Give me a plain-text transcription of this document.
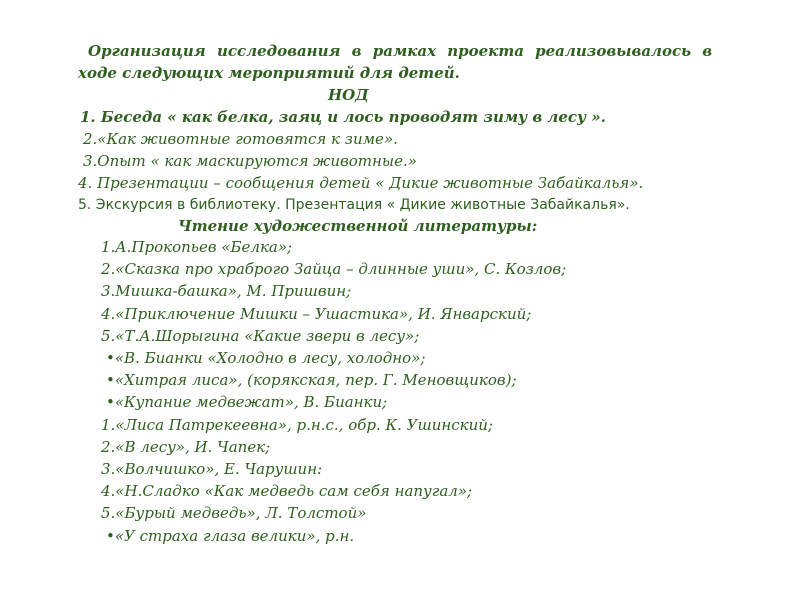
Организация исследования в рамках проекта реализовывалось в
ходе следующих мероприятий для детей.
НОД
1. Беседа « как белка, заяц и лось проводят зиму в лесу ».
2.«Как животные готовятся к зиме».
3.Опыт « как маскируются животные.»
4. Презентации – сообщения детей « Дикие животные Забайкалья».
5. Экскурсия в библиотеку. Презентация « Дикие животные Забайкалья».
Чтение художественной литературы:
1.А.Прокопьев «Белка»;
2.«Сказка про храброго Зайца – длинные уши», С. Козлов;
3.Мишка-башка», М. Пришвин;
4.«Приключение Мишки – Ушастика», И. Январский;
5.«Т.А.Шорыгина «Какие звери в лесу»;
•«В. Бианки «Холодно в лесу, холодно»;
•«Хитрая лиса», (корякская, пер. Г. Меновщиков);
•«Купание медвежат», В. Бианки;
1.«Лиса Патрекеевна», р.н.с., обр. К. Ушинский;
2.«В лесу», И. Чапек;
3.«Волчишко», Е. Чарушин:
4.«Н.Сладко «Как медведь сам себя напугал»;
5.«Бурый медведь», Л. Толстой»
•«У страха глаза велики», р.н.
